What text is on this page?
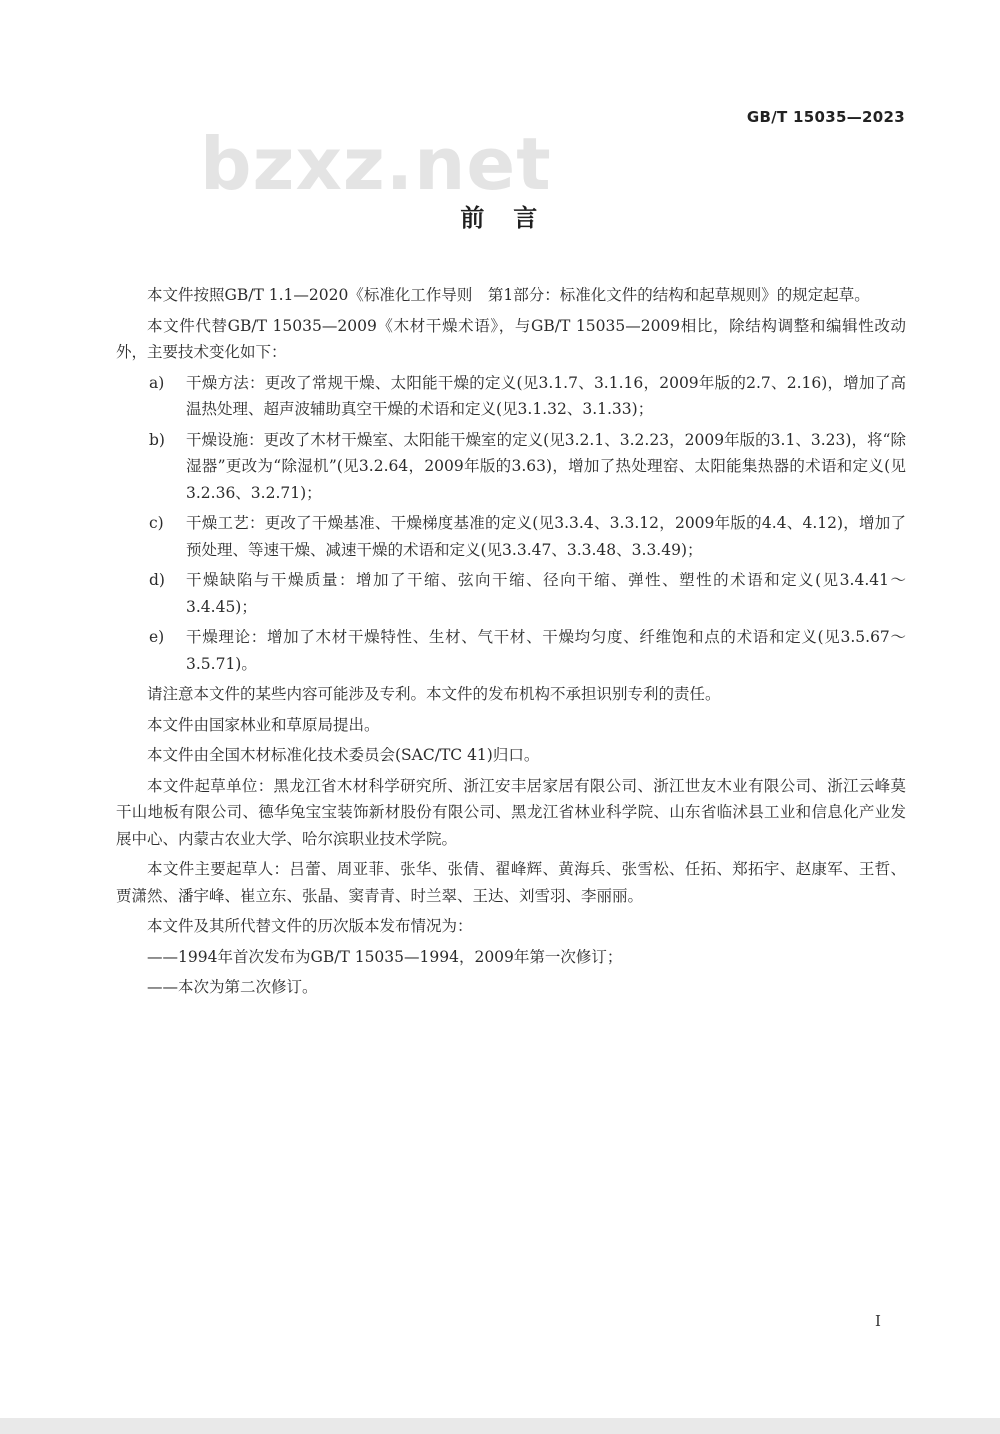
GB/T 15035—2023
bzxz.net
前　言

本文件按照GB/T 1.1—2020《标准化工作导则　第1部分：标准化文件的结构和起草规则》的规定起草。

本文件代替GB/T 15035—2009《木材干燥术语》，与GB/T 15035—2009相比，除结构调整和编辑性改动外，主要技术变化如下：

a) 干燥方法：更改了常规干燥、太阳能干燥的定义(见3.1.7、3.1.16，2009年版的2.7、2.16)，增加了高温热处理、超声波辅助真空干燥的术语和定义(见3.1.32、3.1.33)；
b) 干燥设施：更改了木材干燥室、太阳能干燥室的定义(见3.2.1、3.2.23，2009年版的3.1、3.23)，将“除湿器”更改为“除湿机”(见3.2.64，2009年版的3.63)，增加了热处理窑、太阳能集热器的术语和定义(见3.2.36、3.2.71)；
c) 干燥工艺：更改了干燥基准、干燥梯度基准的定义(见3.3.4、3.3.12，2009年版的4.4、4.12)，增加了预处理、等速干燥、减速干燥的术语和定义(见3.3.47、3.3.48、3.3.49)；
d) 干燥缺陷与干燥质量：增加了干缩、弦向干缩、径向干缩、弹性、塑性的术语和定义(见3.4.41～3.4.45)；
e) 干燥理论：增加了木材干燥特性、生材、气干材、干燥均匀度、纤维饱和点的术语和定义(见3.5.67～3.5.71)。

请注意本文件的某些内容可能涉及专利。本文件的发布机构不承担识别专利的责任。

本文件由国家林业和草原局提出。

本文件由全国木材标准化技术委员会(SAC/TC 41)归口。

本文件起草单位：黑龙江省木材科学研究所、浙江安丰居家居有限公司、浙江世友木业有限公司、浙江云峰莫干山地板有限公司、德华兔宝宝装饰新材股份有限公司、黑龙江省林业科学院、山东省临沭县工业和信息化产业发展中心、内蒙古农业大学、哈尔滨职业技术学院。

本文件主要起草人：吕蕾、周亚菲、张华、张倩、翟峰辉、黄海兵、张雪松、任拓、郑拓宇、赵康军、王哲、贾潇然、潘宇峰、崔立东、张晶、窦青青、时兰翠、王达、刘雪羽、李丽丽。

本文件及其所代替文件的历次版本发布情况为：

——1994年首次发布为GB/T 15035—1994，2009年第一次修订；
——本次为第二次修订。
I
